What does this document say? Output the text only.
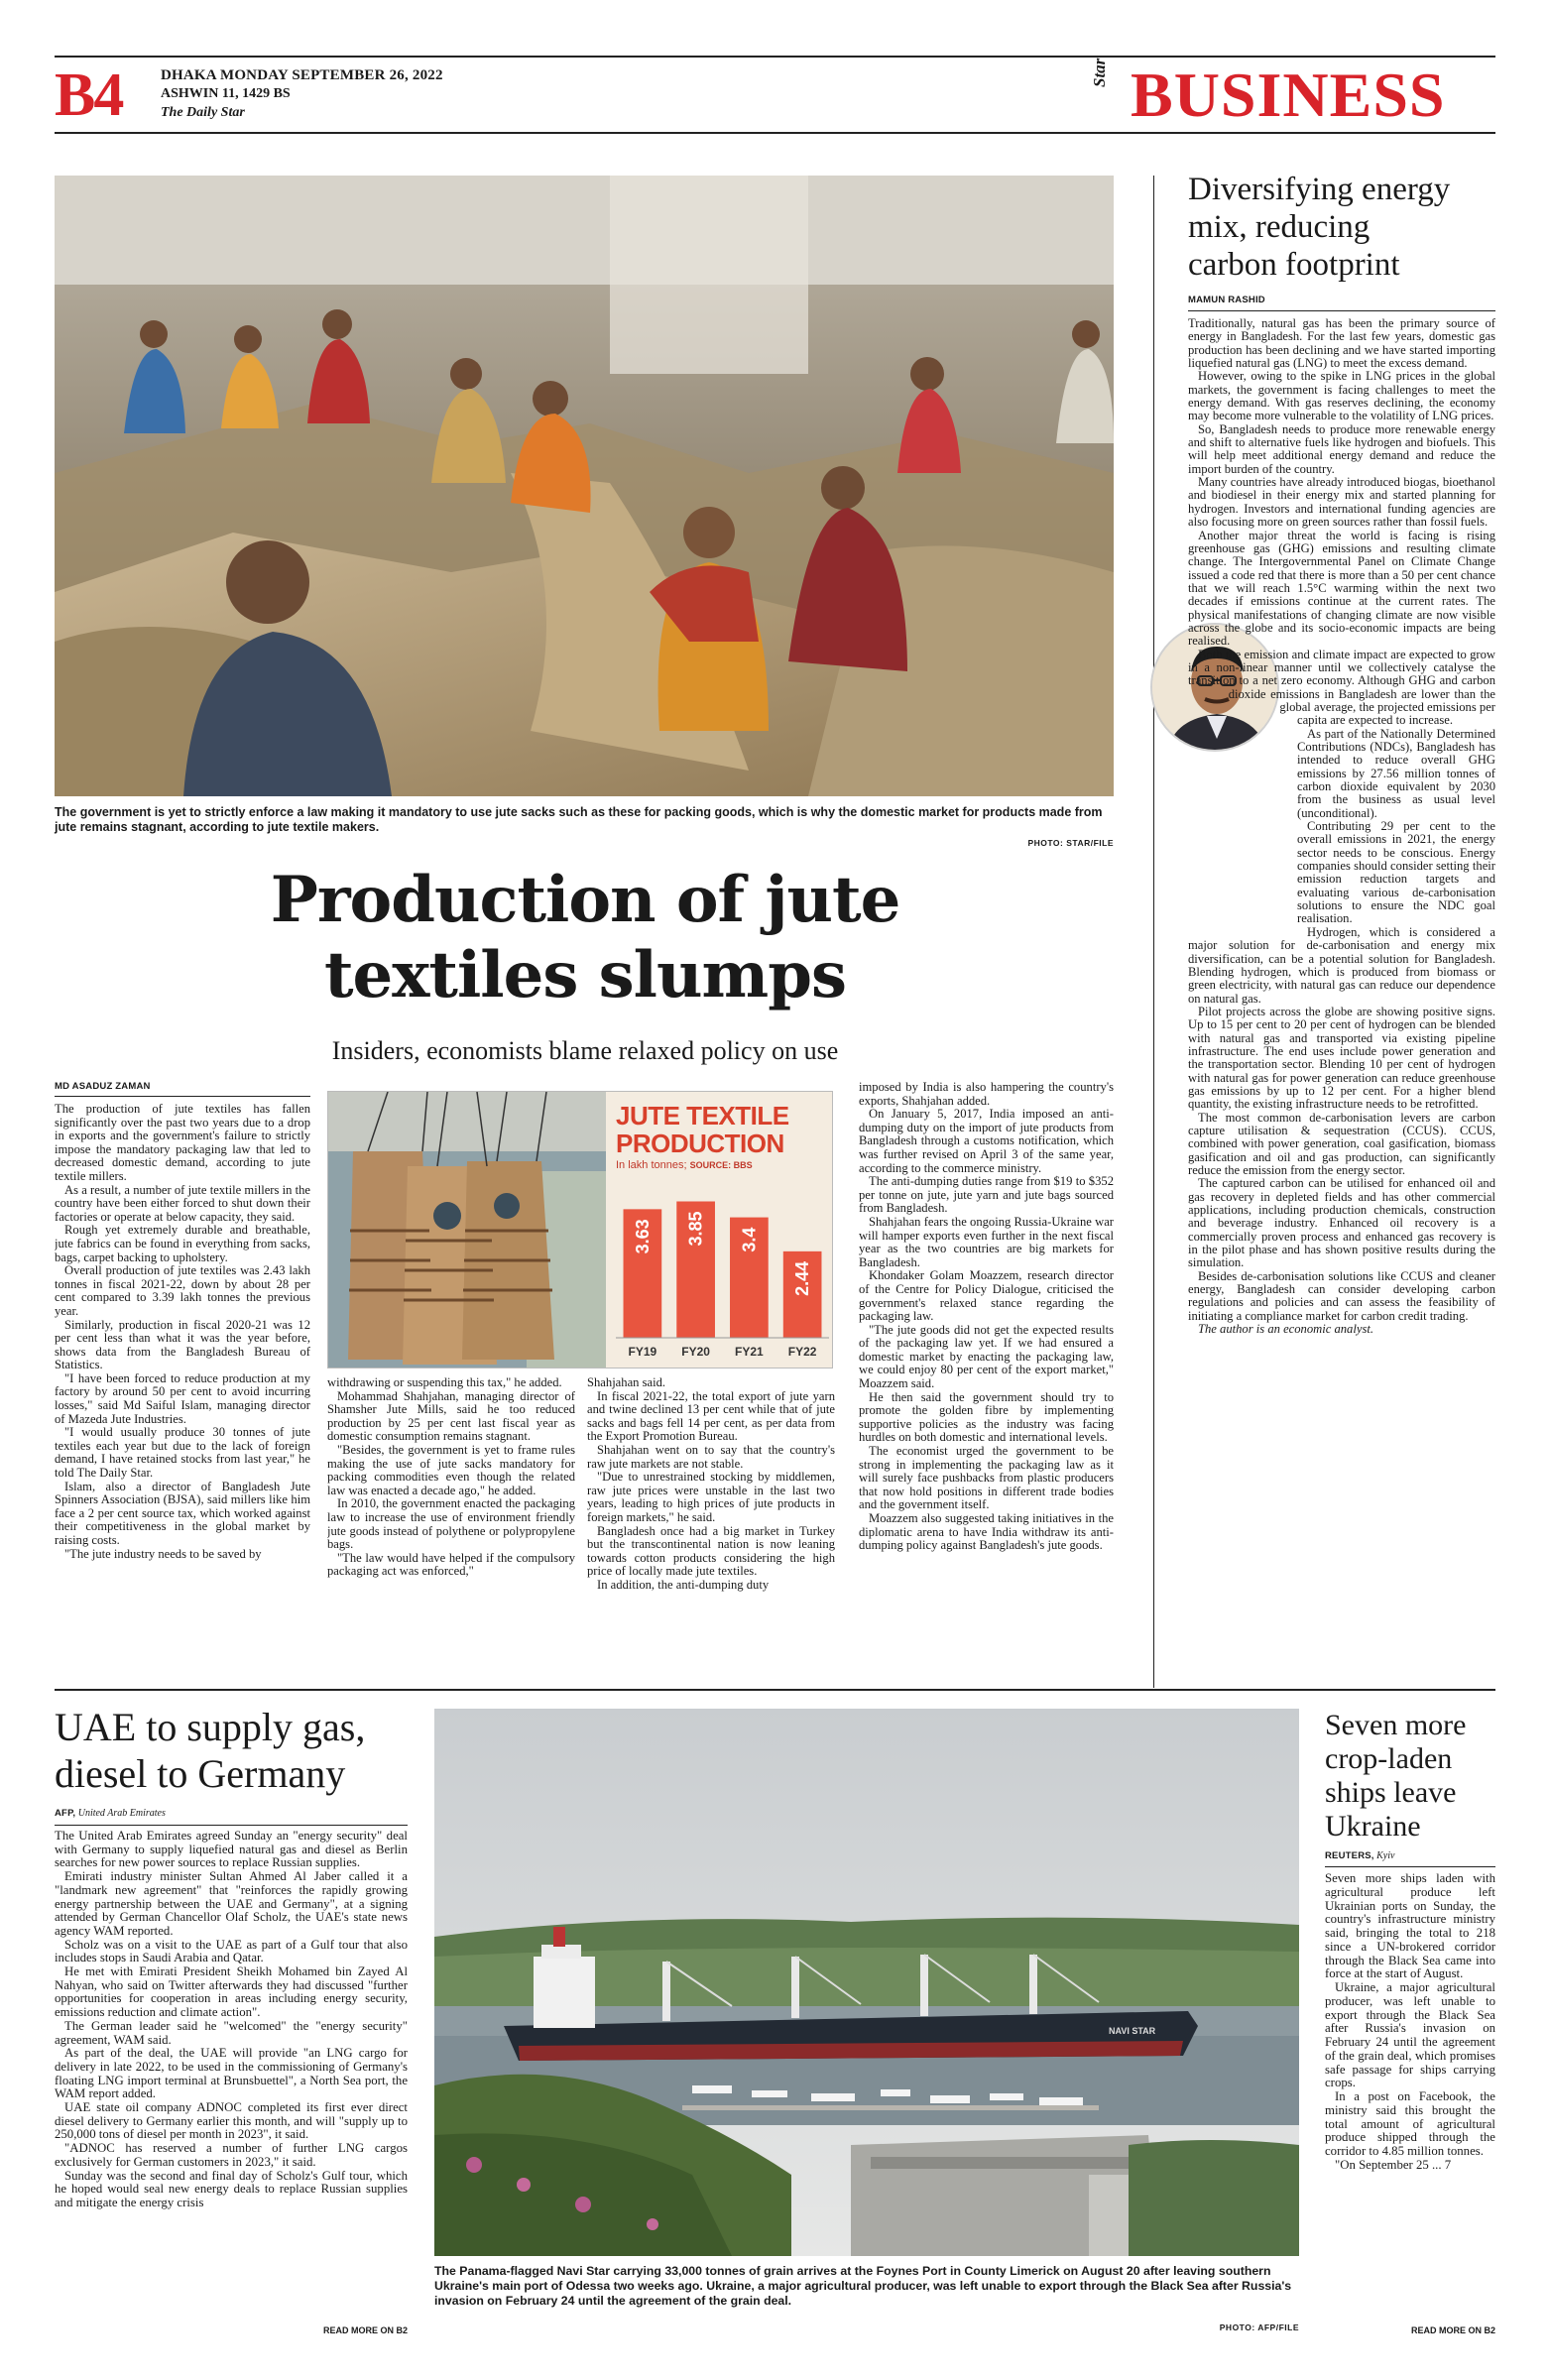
B4	DHAKA MONDAY SEPTEMBER 26, 2022
ASHWIN 11, 1429 BS
The Daily Star
Star BUSINESS
The government is yet to strictly enforce a law making it mandatory to use jute sacks such as these for packing goods, which is why the domestic market for products made from jute remains stagnant, according to jute textile makers.
PHOTO: STAR/FILE
Production of jute
textiles slumps
Insiders, economists blame relaxed policy on use
MD ASADUZ ZAMAN

The production of jute textiles has fallen significantly over the past two years due to a drop in exports and the government's failure to strictly impose the mandatory packaging law that led to decreased domestic demand, according to jute textile millers.

As a result, a number of jute textile millers in the country have been either forced to shut down their factories or operate at below capacity, they said.

Rough yet extremely durable and breathable, jute fabrics can be found in everything from sacks, bags, carpet backing to upholstery.

Overall production of jute textiles was 2.43 lakh tonnes in fiscal 2021-22, down by about 28 per cent compared to 3.39 lakh tonnes the previous year.

Similarly, production in fiscal 2020-21 was 12 per cent less than what it was the year before, shows data from the Bangladesh Bureau of Statistics.

"I have been forced to reduce production at my factory by around 50 per cent to avoid incurring losses," said Md Saiful Islam, managing director of Mazeda Jute Industries.

"I would usually produce 30 tonnes of jute textiles each year but due to the lack of foreign demand, I have retained stocks from last year," he told The Daily Star.

Islam, also a director of Bangladesh Jute Spinners Association (BJSA), said millers like him face a 2 per cent source tax, which worked against their competitiveness in the global market by raising costs.

"The jute industry needs to be saved by

JUTE TEXTILE
PRODUCTION
In lakh tonnes; SOURCE: BBS
3.63
FY19
3.85
FY20
3.4
FY21
2.44
FY22

withdrawing or suspending this tax," he added.

Mohammad Shahjahan, managing director of Shamsher Jute Mills, said he too reduced production by 25 per cent last fiscal year as domestic consumption remains stagnant.

"Besides, the government is yet to frame rules making the use of jute sacks mandatory for packing commodities even though the related law was enacted a decade ago," he added.

In 2010, the government enacted the packaging law to increase the use of environment friendly jute goods instead of polythene or polypropylene bags.

"The law would have helped if the compulsory packaging act was enforced,"

Shahjahan said.

In fiscal 2021-22, the total export of jute yarn and twine declined 13 per cent while that of jute sacks and bags fell 14 per cent, as per data from the Export Promotion Bureau.

Shahjahan went on to say that the country's raw jute markets are not stable.

"Due to unrestrained stocking by middlemen, raw jute prices were unstable in the last two years, leading to high prices of jute products in foreign markets," he said.

Bangladesh once had a big market in Turkey but the transcontinental nation is now leaning towards cotton products considering the high price of locally made jute textiles.

In addition, the anti-dumping duty

imposed by India is also hampering the country's exports, Shahjahan added.

On January 5, 2017, India imposed an anti-dumping duty on the import of jute products from Bangladesh through a customs notification, which was further revised on April 3 of the same year, according to the commerce ministry.

The anti-dumping duties range from $19 to $352 per tonne on jute, jute yarn and jute bags sourced from Bangladesh.

Shahjahan fears the ongoing Russia-Ukraine war will hamper exports even further in the next fiscal year as the two countries are big markets for Bangladesh.

Khondaker Golam Moazzem, research director of the Centre for Policy Dialogue, criticised the government's relaxed stance regarding the packaging law.

"The jute goods did not get the expected results of the packaging law yet. If we had ensured a domestic market by enacting the packaging law, we could enjoy 80 per cent of the export market," Moazzem said.

He then said the government should try to promote the golden fibre by implementing supportive policies as the industry was facing hurdles on both domestic and international levels.

The economist urged the government to be strong in implementing the packaging law as it will surely face pushbacks from plastic producers that now hold positions in different trade bodies and the government itself.

Moazzem also suggested taking initiatives in the diplomatic arena to have India withdraw its anti-dumping policy against Bangladesh's jute goods.

Diversifying energy
mix, reducing
carbon footprint
MAMUN RASHID

Traditionally, natural gas has been the primary source of energy in Bangladesh. For the last few years, domestic gas production has been declining and we have started importing liquefied natural gas (LNG) to meet the excess demand.

However, owing to the spike in LNG prices in the global markets, the government is facing challenges to meet the energy demand. With gas reserves declining, the economy may become more vulnerable to the volatility of LNG prices.

So, Bangladesh needs to produce more renewable energy and shift to alternative fuels like hydrogen and biofuels. This will help meet additional energy demand and reduce the import burden of the country.

Many countries have already introduced biogas, bioethanol and biodiesel in their energy mix and started planning for hydrogen. Investors and international funding agencies are also focusing more on green sources rather than fossil fuels.

Another major threat the world is facing is rising greenhouse gas (GHG) emissions and resulting climate change. The Intergovernmental Panel on Climate Change issued a code red that there is more than a 50 per cent chance that we will reach 1.5°C warming within the next two decades if emissions continue at the current rates. The physical manifestations of changing climate are now visible across the globe and its socio-economic impacts are being realised.

Both the emission and climate impact are expected to grow in a non-linear manner until we collectively catalyse the transition to a net zero economy. Although GHG and carbon dioxide emissions in Bangladesh are lower than the global average, the projected emissions per capita are expected to increase.

As part of the Nationally Determined Contributions (NDCs), Bangladesh has intended to reduce overall GHG emissions by 27.56 million tonnes of carbon dioxide equivalent by 2030 from the business as usual level (unconditional).

Contributing 29 per cent to the overall emissions in 2021, the energy sector needs to be conscious. Energy companies should consider setting their emission reduction targets and evaluating various de-carbonisation solutions to ensure the NDC goal realisation.

Hydrogen, which is considered a major solution for de-carbonisation and energy mix diversification, can be a potential solution for Bangladesh. Blending hydrogen, which is produced from biomass or green electricity, with natural gas can reduce our dependence on natural gas.

Pilot projects across the globe are showing positive signs. Up to 15 per cent to 20 per cent of hydrogen can be blended with natural gas and transported via existing pipeline infrastructure. The end uses include power generation and the transportation sector. Blending 10 per cent of hydrogen with natural gas for power generation can reduce greenhouse gas emissions by up to 12 per cent. For a higher blend quantity, the existing infrastructure needs to be retrofitted.

The most common de-carbonisation levers are carbon capture utilisation & sequestration (CCUS). CCUS, combined with power generation, coal gasification, biomass gasification and oil and gas production, can significantly reduce the emission from the energy sector.

The captured carbon can be utilised for enhanced oil and gas recovery in depleted fields and has other commercial applications, including production chemicals, construction and beverage industry. Enhanced oil recovery is a commercially proven process and enhanced gas recovery is in the pilot phase and has shown positive results during the simulation.

Besides de-carbonisation solutions like CCUS and cleaner energy, Bangladesh can consider developing carbon regulations and policies and can assess the feasibility of initiating a compliance market for carbon credit trading.

The author is an economic analyst.

UAE to supply gas,
diesel to Germany
AFP, United Arab Emirates

The United Arab Emirates agreed Sunday an "energy security" deal with Germany to supply liquefied natural gas and diesel as Berlin searches for new power sources to replace Russian supplies.

Emirati industry minister Sultan Ahmed Al Jaber called it a "landmark new agreement" that "reinforces the rapidly growing energy partnership between the UAE and Germany", at a signing attended by German Chancellor Olaf Scholz, the UAE's state news agency WAM reported.

Scholz was on a visit to the UAE as part of a Gulf tour that also includes stops in Saudi Arabia and Qatar.

He met with Emirati President Sheikh Mohamed bin Zayed Al Nahyan, who said on Twitter afterwards they had discussed "further opportunities for cooperation in areas including energy security, emissions reduction and climate action".

The German leader said he "welcomed" the "energy security" agreement, WAM said.

As part of the deal, the UAE will provide "an LNG cargo for delivery in late 2022, to be used in the commissioning of Germany's floating LNG import terminal at Brunsbuettel", a North Sea port, the WAM report added.

UAE state oil company ADNOC completed its first ever direct diesel delivery to Germany earlier this month, and will "supply up to 250,000 tons of diesel per month in 2023", it said.

"ADNOC has reserved a number of further LNG cargos exclusively for German customers in 2023," it said.

Sunday was the second and final day of Scholz's Gulf tour, which he hoped would seal new energy deals to replace Russian supplies and mitigate the energy crisis

READ MORE ON B2
NAVI STAR
The Panama-flagged Navi Star carrying 33,000 tonnes of grain arrives at the Foynes Port in County Limerick on August 20 after leaving southern Ukraine's main port of Odessa two weeks ago. Ukraine, a major agricultural producer, was left unable to export through the Black Sea after Russia's invasion on February 24 until the agreement of the grain deal.
PHOTO: AFP/FILE
Seven more
crop-laden
ships leave
Ukraine
REUTERS, Kyiv

Seven more ships laden with agricultural produce left Ukrainian ports on Sunday, the country's infrastructure ministry said, bringing the total to 218 since a UN-brokered corridor through the Black Sea came into force at the start of August.

Ukraine, a major agricultural producer, was left unable to export through the Black Sea after Russia's invasion on February 24 until the agreement of the grain deal, which promises safe passage for ships carrying crops.

In a post on Facebook, the ministry said this brought the total amount of agricultural produce shipped through the corridor to 4.85 million tonnes.

"On September 25 ... 7

READ MORE ON B2
